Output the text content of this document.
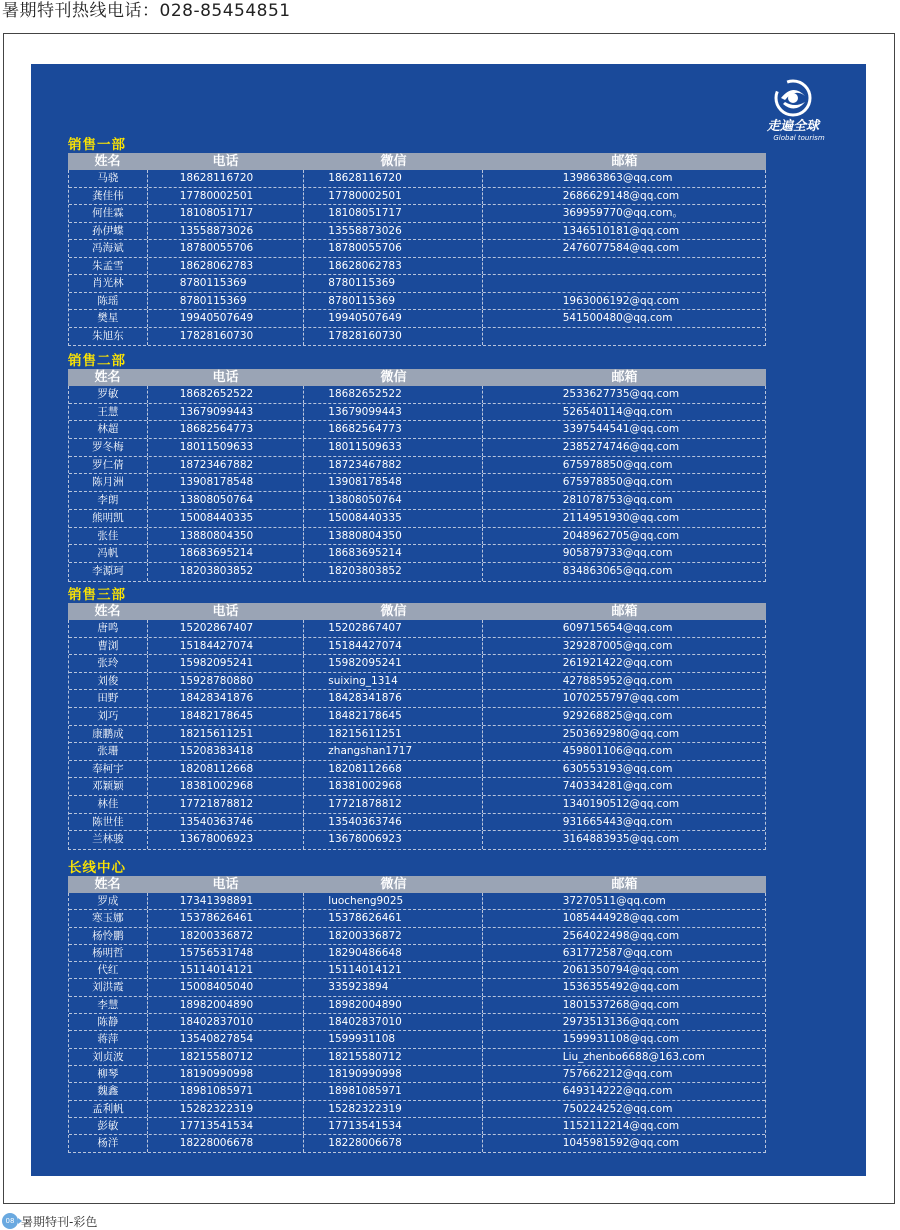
暑期特刊热线电话：028-85454851
走遍全球
Global tourism
销售一部
姓名	电话	微信	邮箱
马骁	18628116720	18628116720	139863863@qq.com
龚佳伟	17780002501	17780002501	2686629148@qq.com
何佳霖	18108051717	18108051717	369959770@qq.com。
孙伊蝶	13558873026	13558873026	1346510181@qq.com
冯海斌	18780055706	18780055706	2476077584@qq.com
朱孟雪	18628062783	18628062783
肖光林	8780115369	8780115369
陈瑶	8780115369	8780115369	1963006192@qq.com
樊星	19940507649	19940507649	541500480@qq.com
朱旭东	17828160730	17828160730
销售二部
姓名	电话	微信	邮箱
罗敏	18682652522	18682652522	2533627735@qq.com
王慧	13679099443	13679099443	526540114@qq.com
林超	18682564773	18682564773	3397544541@qq.com
罗冬梅	18011509633	18011509633	2385274746@qq.com
罗仁倩	18723467882	18723467882	675978850@qq.com
陈月洲	13908178548	13908178548	675978850@qq.com
李朗	13808050764	13808050764	281078753@qq.com
熊明凯	15008440335	15008440335	2114951930@qq.com
张佳	13880804350	13880804350	2048962705@qq.com
冯帆	18683695214	18683695214	905879733@qq.com
李源珂	18203803852	18203803852	834863065@qq.com
销售三部
姓名	电话	微信	邮箱
唐鸣	15202867407	15202867407	609715654@qq.com
曹浏	15184427074	15184427074	329287005@qq.com
张玲	15982095241	15982095241	261921422@qq.com
刘俊	15928780880	suixing_1314	427885952@qq.com
田野	18428341876	18428341876	1070255797@qq.com
刘巧	18482178645	18482178645	929268825@qq.com
康鹏成	18215611251	18215611251	2503692980@qq.com
张珊	15208383418	zhangshan1717	459801106@qq.com
奉柯宇	18208112668	18208112668	630553193@qq.com
邓颖颖	18381002968	18381002968	740334281@qq.com
林佳	17721878812	17721878812	1340190512@qq.com
陈世佳	13540363746	13540363746	931665443@qq.com
兰林骏	13678006923	13678006923	3164883935@qq.com
长线中心
姓名	电话	微信	邮箱
罗成	17341398891	luocheng9025	37270511@qq.com
寒玉娜	15378626461	15378626461	1085444928@qq.com
杨怜鹏	18200336872	18200336872	2564022498@qq.com
杨明哲	15756531748	18290486648	631772587@qq.com
代红	15114014121	15114014121	2061350794@qq.com
刘洪霞	15008405040	335923894	1536355492@qq.com
李慧	18982004890	18982004890	1801537268@qq.com
陈静	18402837010	18402837010	2973513136@qq.com
蒋萍	13540827854	1599931108	1599931108@qq.com
刘贞波	18215580712	18215580712	Liu_zhenbo6688@163.com
柳琴	18190990998	18190990998	757662212@qq.com
魏鑫	18981085971	18981085971	649314222@qq.com
孟利帆	15282322319	15282322319	750224252@qq.com
彭敏	17713541534	17713541534	1152112214@qq.com
杨洋	18228006678	18228006678	1045981592@qq.com
08 暑期特刊-彩色
